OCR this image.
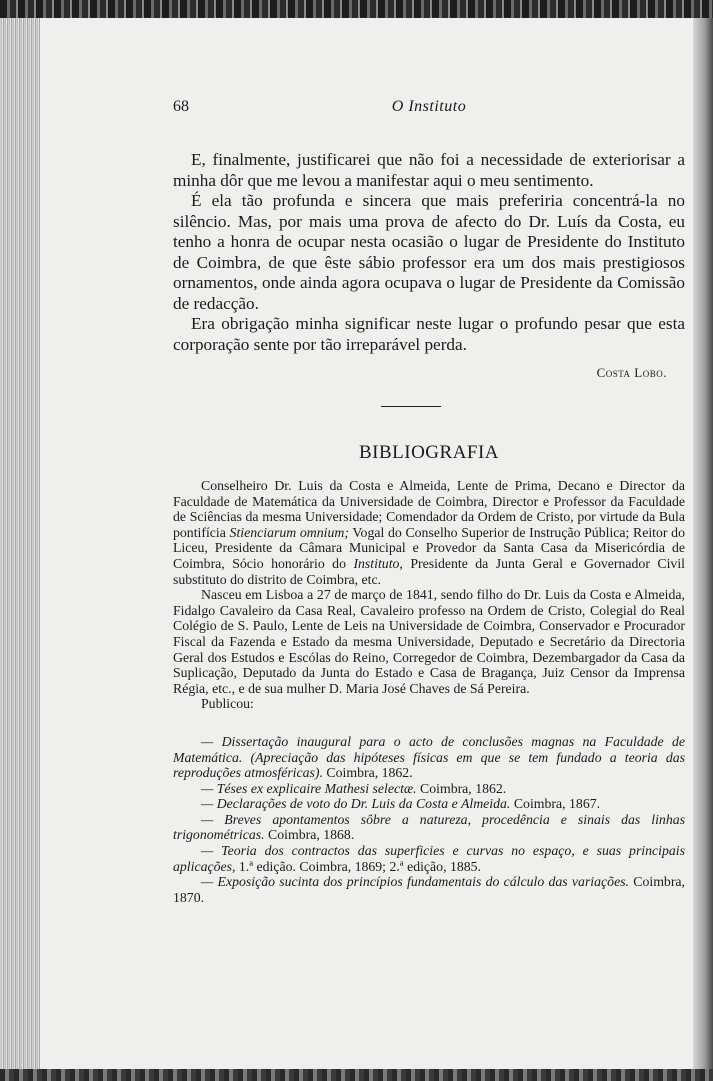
68	O Instituto

E, finalmente, justificarei que não foi a necessidade de exteriorisar a minha dôr que me levou a manifestar aqui o meu sentimento.

É ela tão profunda e sincera que mais preferiria concentrá-la no silêncio. Mas, por mais uma prova de afecto do Dr. Luís da Costa, eu tenho a honra de ocupar nesta ocasião o lugar de Presidente do Instituto de Coimbra, de que êste sábio professor era um dos mais prestigiosos ornamentos, onde ainda agora ocupava o lugar de Presidente da Comissão de redacção.

Era obrigação minha significar neste lugar o profundo pesar que esta corporação sente por tão irreparável perda.

Costa Lobo.
BIBLIOGRAFIA

Conselheiro Dr. Luis da Costa e Almeida, Lente de Prima, Decano e Director da Faculdade de Matemática da Universidade de Coimbra, Director e Professor da Faculdade de Sciências da mesma Universidade; Comendador da Ordem de Cristo, por virtude da Bula pontifícia Stienciarum omnium; Vogal do Conselho Superior de Instrução Pública; Reitor do Liceu, Presidente da Câmara Municipal e Provedor da Santa Casa da Misericórdia de Coimbra, Sócio honorário do Instituto, Presidente da Junta Geral e Governador Civil substituto do distrito de Coimbra, etc.

Nasceu em Lisboa a 27 de março de 1841, sendo filho do Dr. Luis da Costa e Almeida, Fidalgo Cavaleiro da Casa Real, Cavaleiro professo na Ordem de Cristo, Colegial do Real Colégio de S. Paulo, Lente de Leis na Universidade de Coimbra, Conservador e Procurador Fiscal da Fazenda e Estado da mesma Universidade, Deputado e Secretário da Directoria Geral dos Estudos e Escólas do Reino, Corregedor de Coimbra, Dezembargador da Casa da Suplicação, Deputado da Junta do Estado e Casa de Bragança, Juiz Censor da Imprensa Régia, etc., e de sua mulher D. Maria José Chaves de Sá Pereira.

Publicou:

— Dissertação inaugural para o acto de conclusões magnas na Faculdade de Matemática. (Apreciação das hipóteses físicas em que se tem fundado a teoria das reproduções atmosféricas). Coimbra, 1862.
— Téses ex explicaire Mathesi selectæ. Coimbra, 1862.
— Declarações de voto do Dr. Luis da Costa e Almeida. Coimbra, 1867.
— Breves apontamentos sôbre a natureza, procedência e sinais das linhas trigonométricas. Coimbra, 1868.
— Teoria dos contractos das superficies e curvas no espaço, e suas principais aplicações, 1.ª edição. Coimbra, 1869; 2.ª edição, 1885.
— Exposição sucinta dos princípios fundamentais do cálculo das variações. Coimbra, 1870.
